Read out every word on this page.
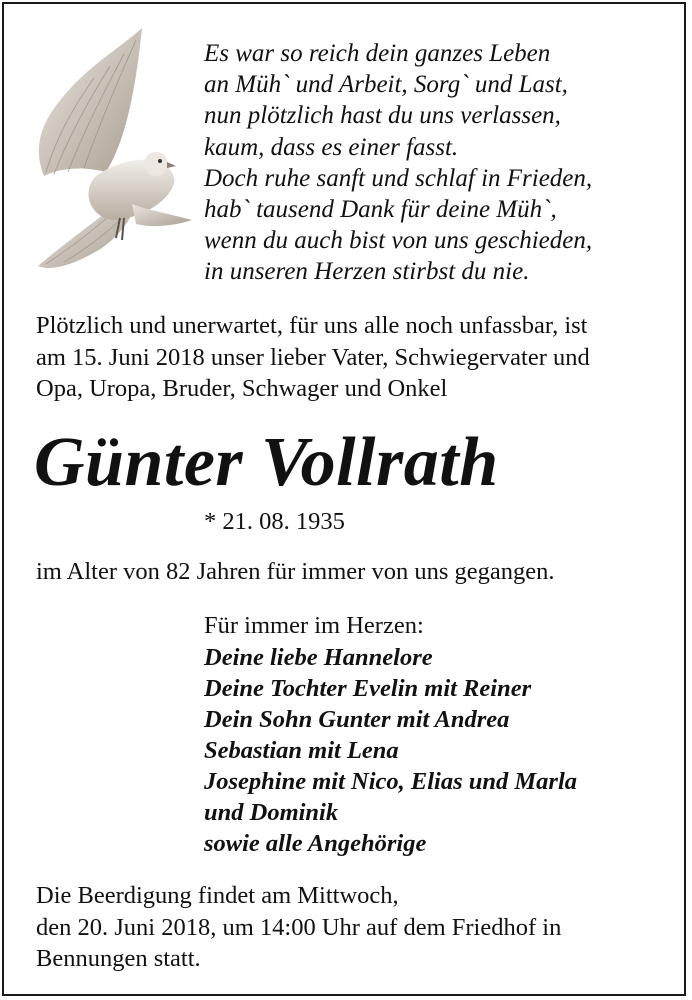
Es war so reich dein ganzes Leben
an Müh` und Arbeit, Sorg` und Last,
nun plötzlich hast du uns verlassen,
kaum, dass es einer fasst.
Doch ruhe sanft und schlaf in Frieden,
hab` tausend Dank für deine Müh`,
wenn du auch bist von uns geschieden,
in unseren Herzen stirbst du nie.
Plötzlich und unerwartet, für uns alle noch unfassbar, ist
am 15. Juni 2018 unser lieber Vater, Schwiegervater und
Opa, Uropa, Bruder, Schwager und Onkel
Günter Vollrath
* 21. 08. 1935
im Alter von 82 Jahren für immer von uns gegangen.
Für immer im Herzen:
Deine liebe Hannelore
Deine Tochter Evelin mit Reiner
Dein Sohn Gunter mit Andrea
Sebastian mit Lena
Josephine mit Nico, Elias und Marla
und Dominik
sowie alle Angehörige
Die Beerdigung findet am Mittwoch,
den 20. Juni 2018, um 14:00 Uhr auf dem Friedhof in
Bennungen statt.
